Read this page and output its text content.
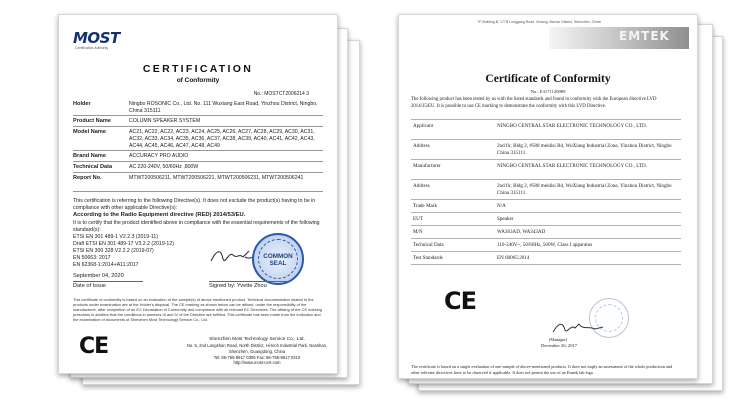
MOST
Certification Authority
CERTIFICATION
of Conformity
No.: MOSTCT2006214 3
Holder	Ningbo ROSONIC Co., Ltd. No. 111 Wuxiang East Road, Yinzhou District, Ningbo, China 315111
Product Name	COLUMN SPEAKER SYSTEM
Model Name	AC21, AC22, AC22, AC23, AC24, AC25, AC26, AC27, AC28, AC29, AC30, AC31, AC32, AC33, AC34, AC35, AC36, AC37, AC38, AC39, AC40, AC41, AC42, AC43, AC44, AC45, AC46, AC47, AC48, AC49
Brand Name	ACCURACY PRO AUDIO
Technical Data	AC 220-240V, 50/60Hz ,800W
Report No.	MTWT200506211, MTWT200506221, MTWT200506231, MTWT200506241
This certification is referring to the following Directive(s). It does not exclude the product(s) having to be in compliance with other applicable Directive(s):
According to the Radio Equipment directive (RED) 2014/53/EU.
It is to certify that the product identified above in compliance with the essential requirements of the following standard(s):
ETSI EN 301 489-1 V2.2.3 (2019-11)
Draft ETSI EN 301 489-17 V3.2.2 (2019-12)
ETSI EN 300 328 V2.2.2 (2019-07)
EN 50663: 2017
EN 62368-1:2014+A11:2017
COMMON
SEAL
September 04, 2020
Date of Issue	Signed by: Yvette Zhou
This certificate of conformity is based on an evaluation of the sample(s) of above mentioned product. Technical documentation related to the products under examination are at the Holder's disposal. The CE marking as shown below can be affixed, under the responsibility of the manufacturer, after completion of an EC Declaration of Conformity and compliance with all relevant EC Directives. The affixing of the CE marking presumes in addition that the conditions in annexes III and IV of the Directive are fulfilled. This certificate has been made from the indication and the examination of documents of Shenzhen Most Technology Service Co., Ltd.
CE	Shenzhen Most Technology Service Co., Ltd.
No. 5, 2nd Langshan Road, North District, Hi-tech Industrial Park, Nanshan, Shenzhen, Guangdong, China
Tel: 86-755-8617 0306 Fax: 86-755-8617 0310
http://www.most-cert.com
7F Building B, 177B Longgang Road, Xixiang, Bao'an District, Shenzhen, China
EMTEK
Certificate of Conformity
No.: E3171120989
The following product has been tested by us with the listed standards and found in conformity with the European directive LVD 2014/35/EU. It is possible to use CE marking to demonstrate the conformity with this LVD Directive.
Applicant	NINGBO CENTRAL STAR ELECTRONIC TECHNOLOGY CO., LTD.
Address	2nd fir, Bldg 2, #588 meidisi Rd, WuXiang Industrial Zone, Yinzhou District, Ningbo China 315111.
Manufacturer	NINGBO CENTRAL STAR ELECTRONIC TECHNOLOGY CO., LTD.
Address	2nd fir, Bldg 2, #588 meidisi Rd, WuXiang Industrial Zone, Yinzhou District, Ningbo China 315111.
Trade Mark	N/A
EUT	Speaker
M/N	WA363AD, WA343AD
Technical Data	110-240V~, 50/60Hz, 500W, Class I apparatus
Test Standards	EN 60065:2014
CE
(Manager)
December 26, 2017
The certificate is based on a single evaluation of one sample of above-mentioned products. It does not imply an assessment of the whole production and other relevant directives have to be observed if applicable. It does not permit the use of an Emtek lab logo.
